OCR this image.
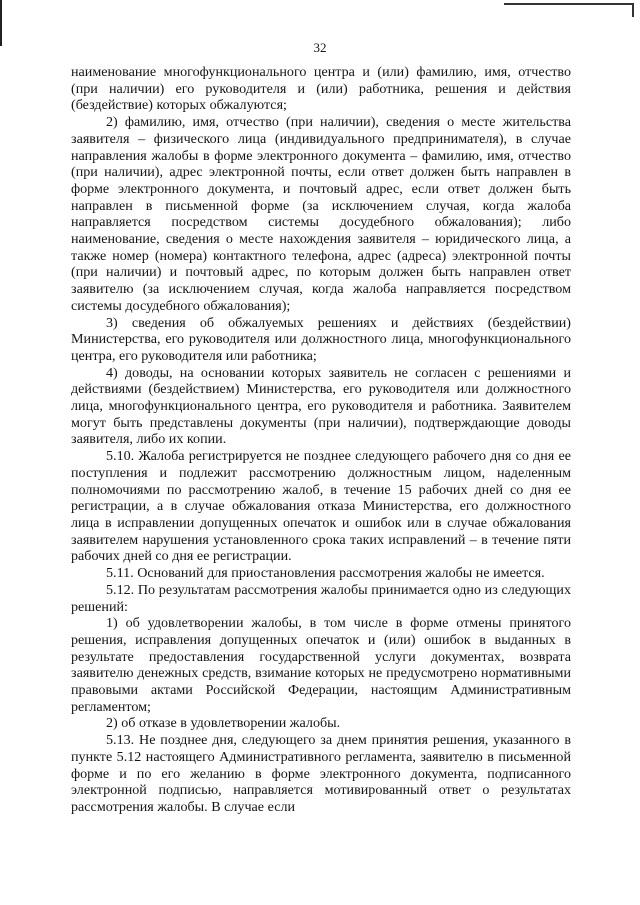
32

наименование многофункционального центра и (или) фамилию, имя, отчество (при наличии) его руководителя и (или) работника, решения и действия (бездействие) которых обжалуются;

2) фамилию, имя, отчество (при наличии), сведения о месте жительства заявителя – физического лица (индивидуального предпринимателя), в случае направления жалобы в форме электронного документа – фамилию, имя, отчество (при наличии), адрес электронной почты, если ответ должен быть направлен в форме электронного документа, и почтовый адрес, если ответ должен быть направлен в письменной форме (за исключением случая, когда жалоба направляется посредством системы досудебного обжалования); либо наименование, сведения о месте нахождения заявителя – юридического лица, а также номер (номера) контактного телефона, адрес (адреса) электронной почты (при наличии) и почтовый адрес, по которым должен быть направлен ответ заявителю (за исключением случая, когда жалоба направляется посредством системы досудебного обжалования);

3) сведения об обжалуемых решениях и действиях (бездействии) Министерства, его руководителя или должностного лица, многофункционального центра, его руководителя или работника;

4) доводы, на основании которых заявитель не согласен с решениями и действиями (бездействием) Министерства, его руководителя или должностного лица, многофункционального центра, его руководителя и работника. Заявителем могут быть представлены документы (при наличии), подтверждающие доводы заявителя, либо их копии.

5.10. Жалоба регистрируется не позднее следующего рабочего дня со дня ее поступления и подлежит рассмотрению должностным лицом, наделенным полномочиями по рассмотрению жалоб, в течение 15 рабочих дней со дня ее регистрации, а в случае обжалования отказа Министерства, его должностного лица в исправлении допущенных опечаток и ошибок или в случае обжалования заявителем нарушения установленного срока таких исправлений – в течение пяти рабочих дней со дня ее регистрации.

5.11. Оснований для приостановления рассмотрения жалобы не имеется.

5.12. По результатам рассмотрения жалобы принимается одно из следующих решений:

1) об удовлетворении жалобы, в том числе в форме отмены принятого решения, исправления допущенных опечаток и (или) ошибок в выданных в результате предоставления государственной услуги документах, возврата заявителю денежных средств, взимание которых не предусмотрено нормативными правовыми актами Российской Федерации, настоящим Административным регламентом;

2) об отказе в удовлетворении жалобы.

5.13. Не позднее дня, следующего за днем принятия решения, указанного в пункте 5.12 настоящего Административного регламента, заявителю в письменной форме и по его желанию в форме электронного документа, подписанного электронной подписью, направляется мотивированный ответ о результатах рассмотрения жалобы. В случае если
